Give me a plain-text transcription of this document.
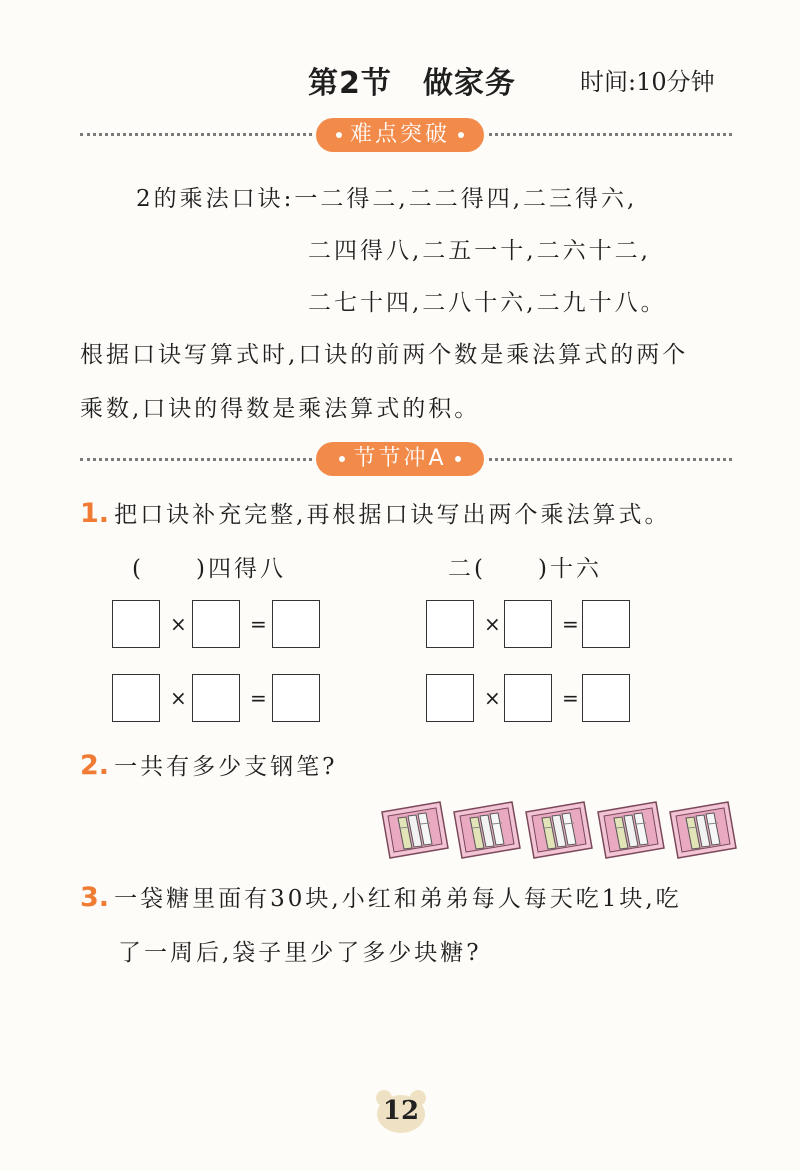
第2节　做家务	时间:10分钟
难点突破
2的乘法口诀:一二得二,二二得四,二三得六,
二四得八,二五一十,二六十二,
二七十四,二八十六,二九十八。
根据口诀写算式时,口诀的前两个数是乘法算式的两个
乘数,口诀的得数是乘法算式的积。
节节冲A
1. 把口诀补充完整,再根据口诀写出两个乘法算式。
(　　)四得八	二(　　)十六
×	=	×	=
×	=	×	=
2. 一共有多少支钢笔?
3. 一袋糖里面有30块,小红和弟弟每人每天吃1块,吃
了一周后,袋子里少了多少块糖?
12
